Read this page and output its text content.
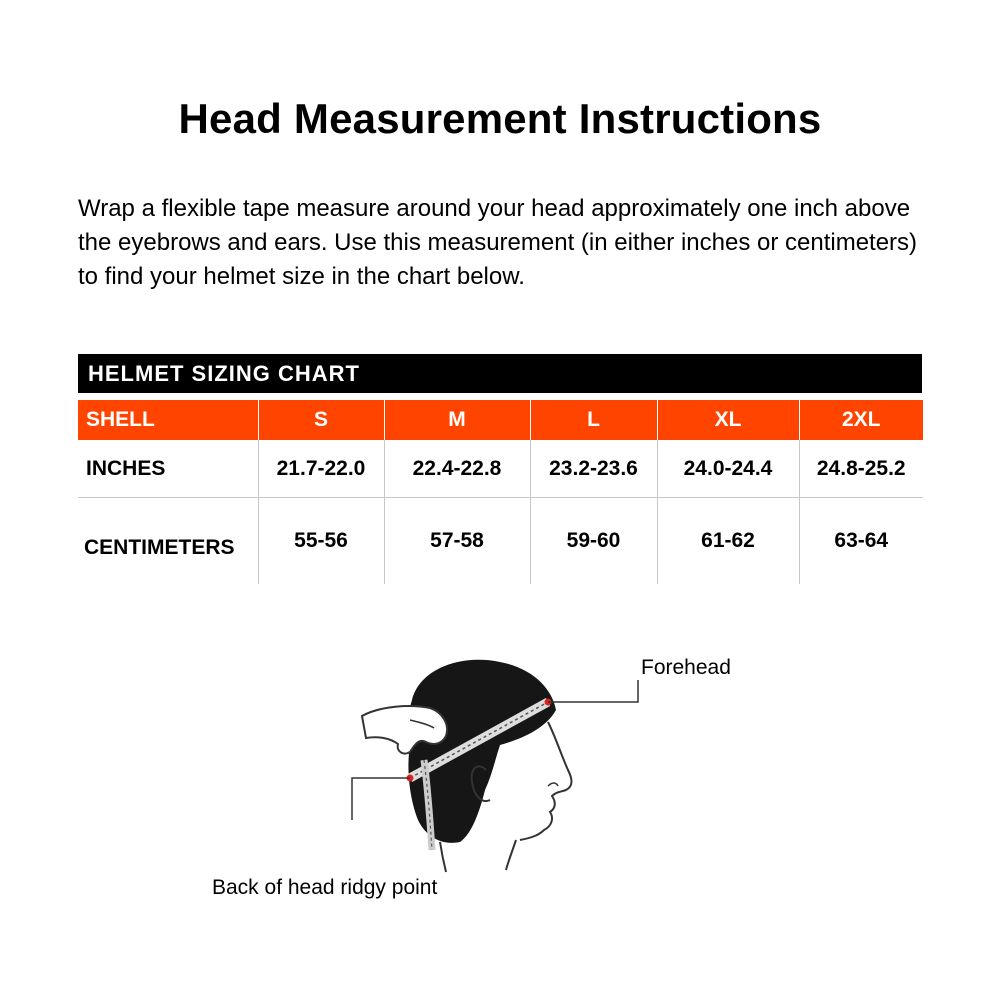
Head Measurement Instructions
Wrap a flexible tape measure around your head approximately one inch above the eyebrows and ears. Use this measurement (in either inches or centimeters) to find your helmet size in the chart below.
HELMET SIZING CHART
SHELL	S	M	L	XL	2XL
INCHES	21.7-22.0	22.4-22.8	23.2-23.6	24.0-24.4	24.8-25.2
CENTIMETERS	55-56	57-58	59-60	61-62	63-64
Forehead
Back of head ridgy point
